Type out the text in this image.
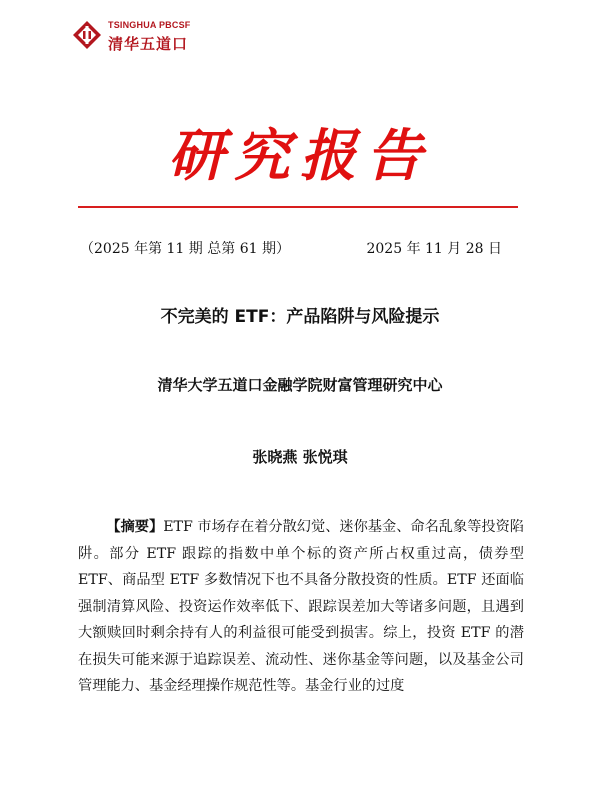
TSINGHUA PBCSF
清华五道口
研究报告
（2025 年第 11 期 总第 61 期）	2025 年 11 月 28 日
不完美的 ETF：产品陷阱与风险提示
清华大学五道口金融学院财富管理研究中心
张晓燕 张悦琪
【摘要】ETF 市场存在着分散幻觉、迷你基金、命名乱象等投资陷阱。部分 ETF 跟踪的指数中单个标的资产所占权重过高，债券型 ETF、商品型 ETF 多数情况下也不具备分散投资的性质。ETF 还面临强制清算风险、投资运作效率低下、跟踪误差加大等诸多问题，且遇到大额赎回时剩余持有人的利益很可能受到损害。综上，投资 ETF 的潜在损失可能来源于追踪误差、流动性、迷你基金等问题，以及基金公司管理能力、基金经理操作规范性等。基金行业的过度
